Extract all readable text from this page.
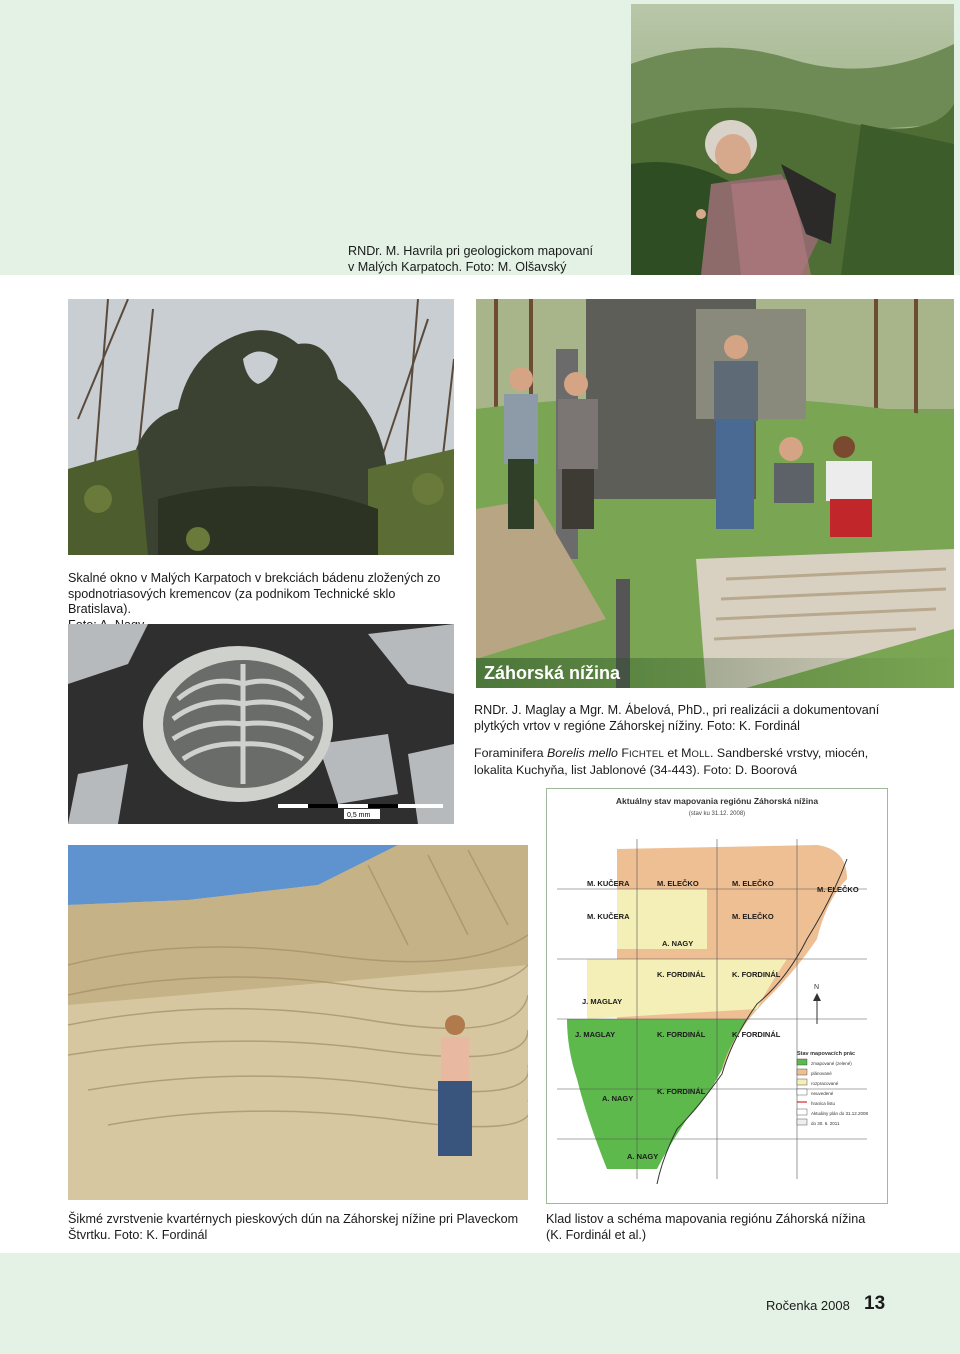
RNDr. M. Havrila pri geologickom mapovaní
v Malých Karpatoch. Foto: M. Olšavský
Skalné okno v Malých Karpatoch v brekciách bádenu zložených zo
spodnotriasových kremencov (za podnikom Technické sklo Bratislava).
Záhorská nížina
RNDr. J. Maglay a Mgr. M. Ábelová, PhD., pri realizácii a dokumentovaní
plytkých vrtov v regióne Záhorskej nížiny. Foto: K. Fordinál
0,5 mm
Foraminifera Borelis mello FICHTEL et MOLL. Sandberské vrstvy, miocén,
lokalita Kuchyňa, list Jablonové (34-443). Foto: D. Boorová
Aktuálny stav mapovania regiónu Záhorská nížina
(stav ku 31.12. 2008)
M. KUČERA	M. ELEČKO	M. ELEČKO
M. ELEČKO
M. KUČERA	M. ELEČKO
A. NAGY
K. FORDINÁL	K. FORDINÁL
J. MAGLAY
J. MAGLAY	K. FORDINÁL	K. FORDINÁL
A. NAGY
K. FORDINÁL
A. NAGY
N
Stav mapovacích prác
zmapované (zelené)
plánované
rozpracované
neuvedené
hranica listu
Aktuálny plán do 31.12.2008
do 30. 6. 2011
Šikmé zvrstvenie kvartérnych pieskových dún na Záhorskej nížine pri Plaveckom
Štvrtku. Foto: K. Fordinál
Klad listov a schéma mapovania regiónu Záhorská nížina
(K. Fordinál et al.)
Ročenka 2008 13
